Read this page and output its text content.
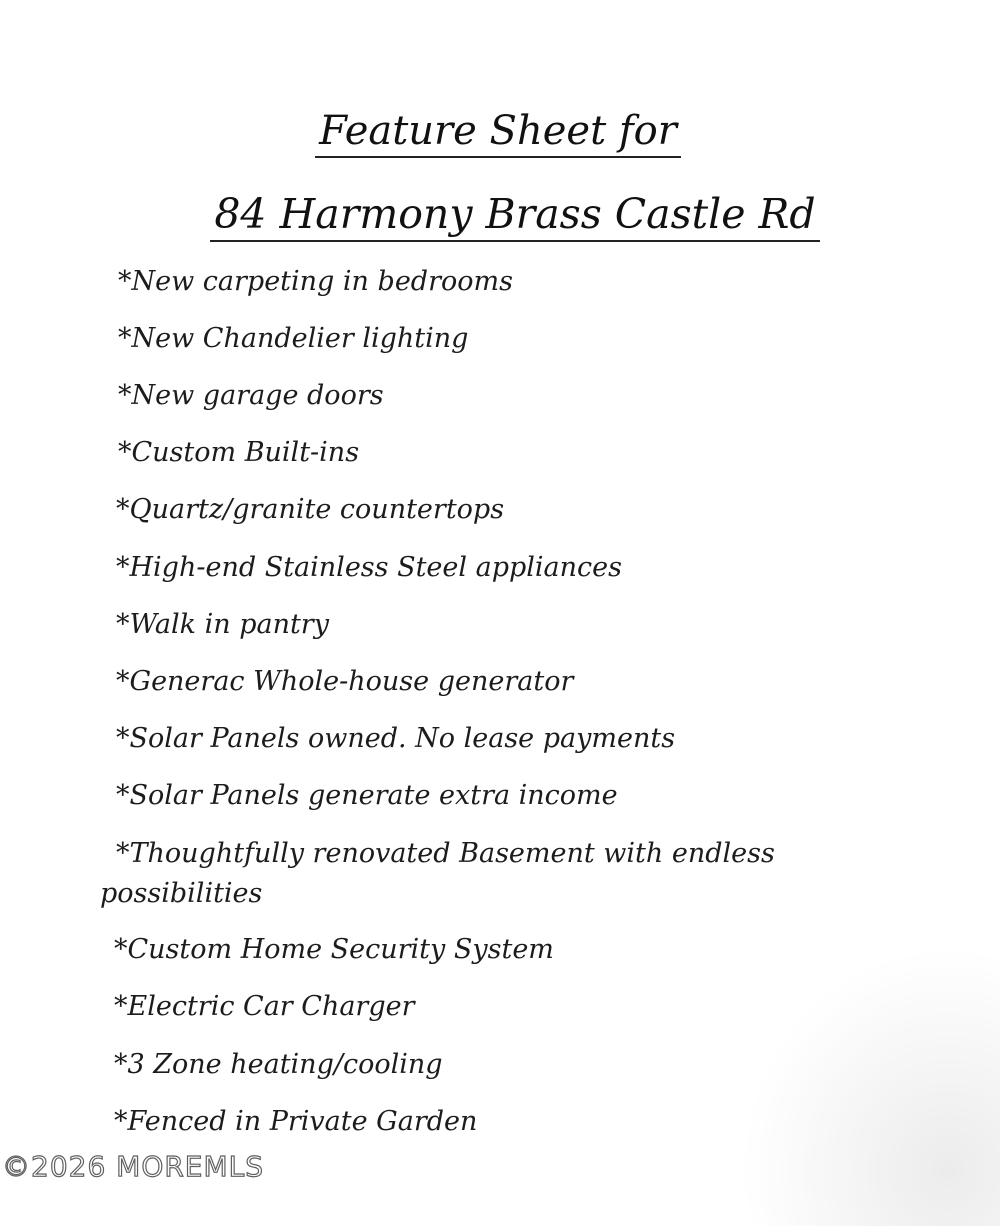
Feature Sheet for
84 Harmony Brass Castle Rd
*New carpeting in bedrooms
*New Chandelier lighting
*New garage doors
*Custom Built-ins
*Quartz/granite countertops
*High-end Stainless Steel appliances
*Walk in pantry
*Generac Whole-house generator
*Solar Panels owned. No lease payments
*Solar Panels generate extra income
*Thoughtfully renovated Basement with endless possibilities
*Custom Home Security System
*Electric Car Charger
*3 Zone heating/cooling
*Fenced in Private Garden
©2026 MOREMLS
